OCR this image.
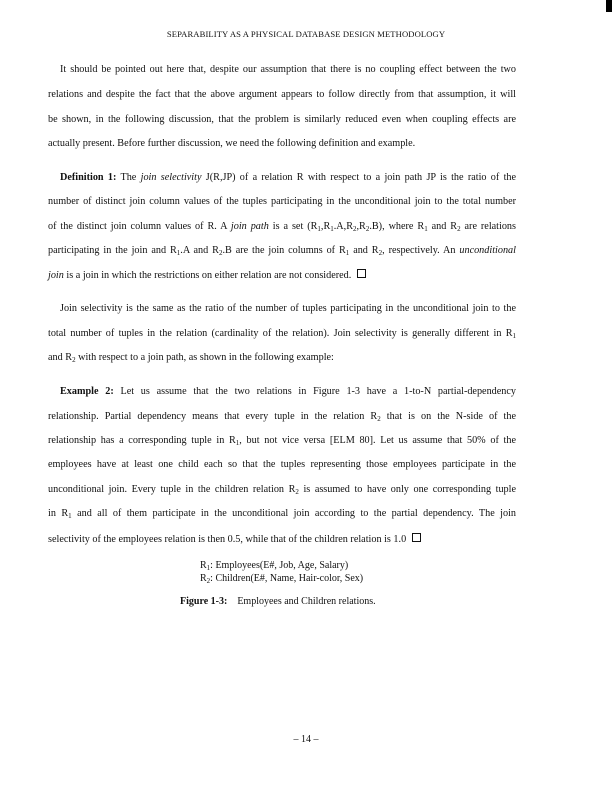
SEPARABILITY AS A PHYSICAL DATABASE DESIGN METHODOLOGY
It should be pointed out here that, despite our assumption that there is no coupling effect between the two
relations and despite the fact that the above argument appears to follow directly from that assumption, it will
be shown, in the following discussion, that the problem is similarly reduced even when coupling effects are
actually present. Before further discussion, we need the following definition and example.
Definition 1: The join selectivity J(R,JP) of a relation R with respect to a join path JP is the ratio of the
number of distinct join column values of the tuples participating in the unconditional join to the total number
of the distinct join column values of R. A join path is a set $(R_1,R_1.A,R_2,R_2.B)$, where $R_1$ and $R_2$ are relations
participating in the join and $R_1.A$ and $R_2.B$ are the join columns of $R_1$ and $R_2$, respectively. An unconditional
join is a join in which the restrictions on either relation are not considered.
Join selectivity is the same as the ratio of the number of tuples participating in the unconditional join to the
total number of tuples in the relation (cardinality of the relation). Join selectivity is generally different in $R_1$
and $R_2$ with respect to a join path, as shown in the following example:
Example 2: Let us assume that the two relations in Figure 1-3 have a 1-to-N partial-dependency
relationship. Partial dependency means that every tuple in the relation $R_2$ that is on the N-side of the
relationship has a corresponding tuple in $R_1$, but not vice versa [ELM 80]. Let us assume that 50% of the
employees have at least one child each so that the tuples representing those employees participate in the
unconditional join. Every tuple in the children relation $R_2$ is assumed to have only one corresponding tuple
in $R_1$ and all of them participate in the unconditional join according to the partial dependency. The join
selectivity of the employees relation is then 0.5, while that of the children relation is 1.0
$R_1$: Employees(E#, Job, Age, Salary)
$R_2$: Children(E#, Name, Hair-color, Sex)
Figure 1-3: Employees and Children relations.
– 14 –
